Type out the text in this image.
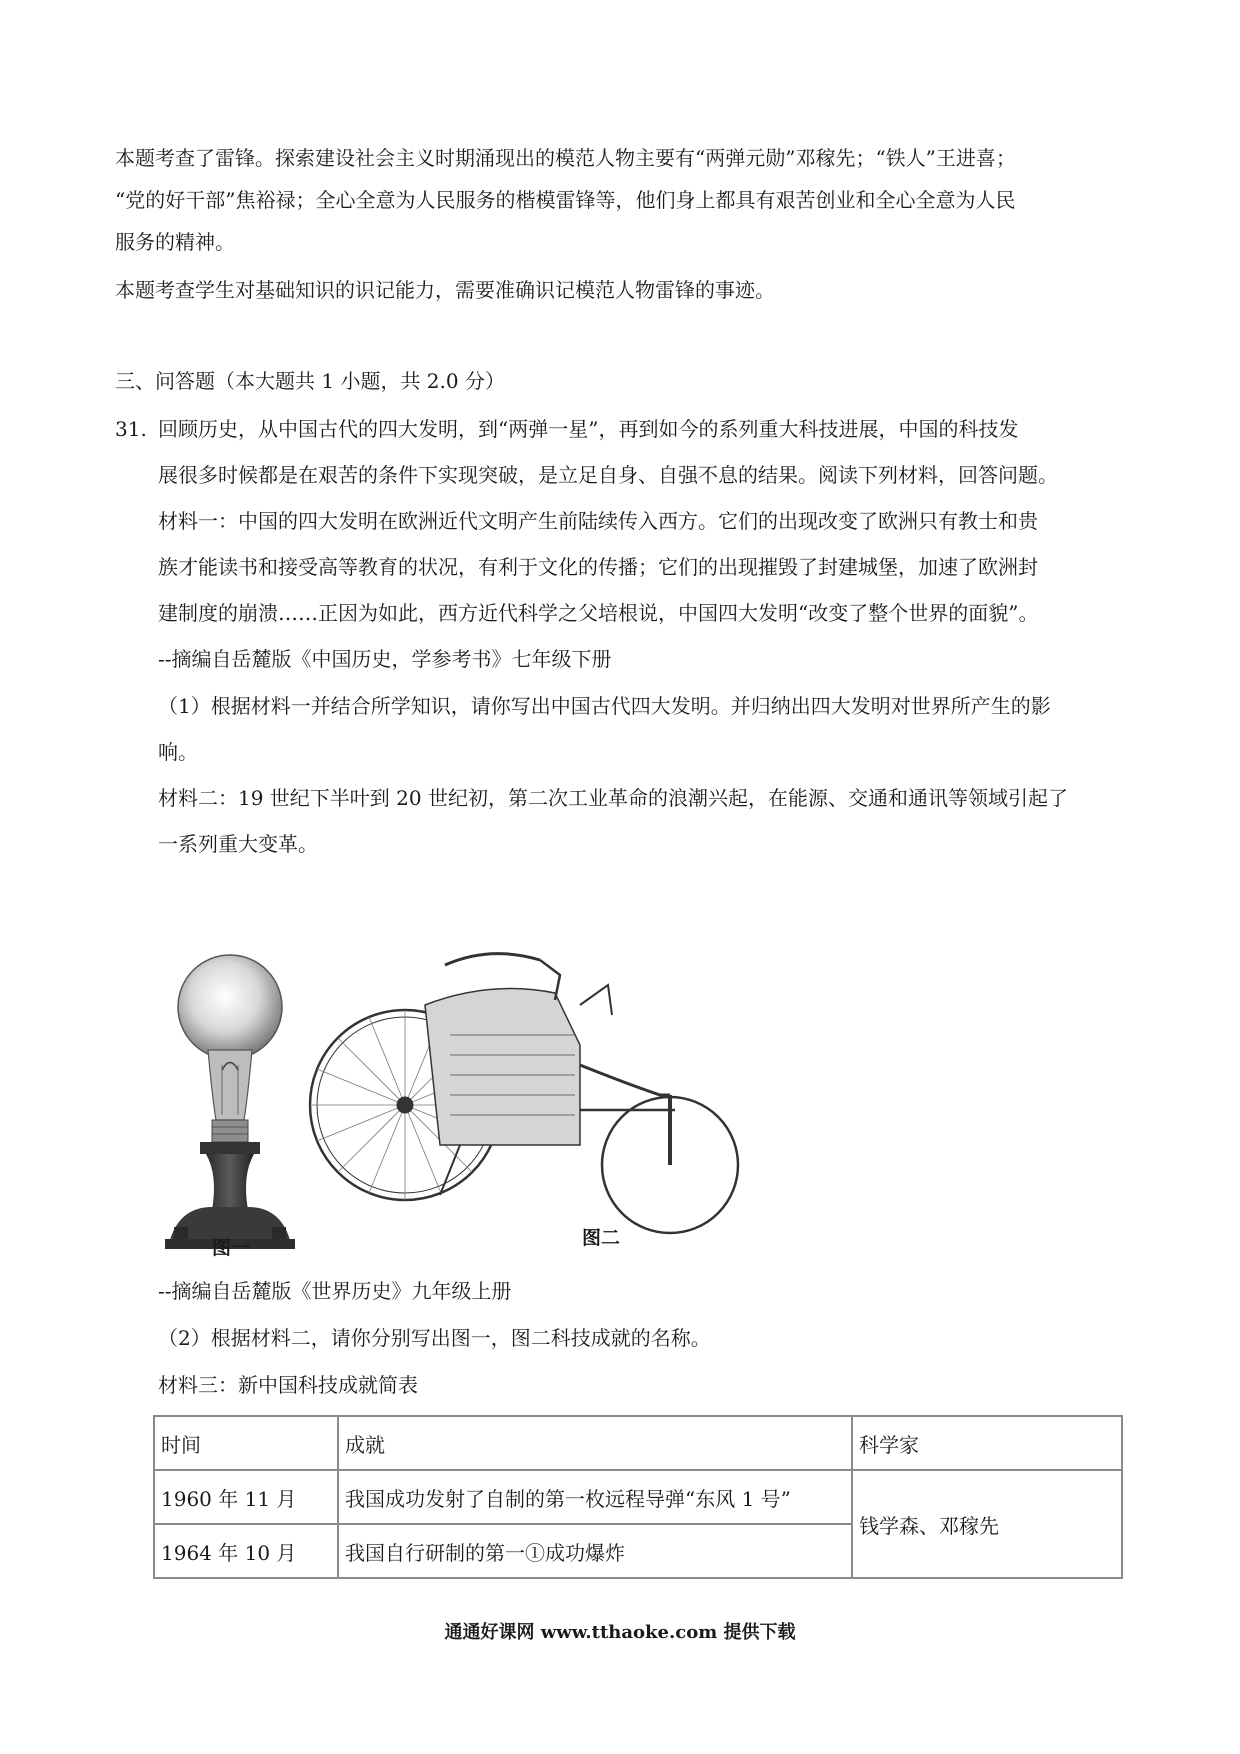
本题考查了雷锋。探索建设社会主义时期涌现出的模范人物主要有“两弹元勋”邓稼先；“铁人”王进喜；
“党的好干部”焦裕禄；全心全意为人民服务的楷模雷锋等，他们身上都具有艰苦创业和全心全意为人民
服务的精神。
本题考查学生对基础知识的识记能力，需要准确识记模范人物雷锋的事迹。
三、问答题（本大题共 1 小题，共 2.0 分）
31. 回顾历史，从中国古代的四大发明，到“两弹一星”，再到如今的系列重大科技进展，中国的科技发
展很多时候都是在艰苦的条件下实现突破，是立足自身、自强不息的结果。阅读下列材料，回答问题。
材料一：中国的四大发明在欧洲近代文明产生前陆续传入西方。它们的出现改变了欧洲只有教士和贵
族才能读书和接受高等教育的状况，有利于文化的传播；它们的出现摧毁了封建城堡，加速了欧洲封
建制度的崩溃……正因为如此，西方近代科学之父培根说，中国四大发明“改变了整个世界的面貌”。
--摘编自岳麓版《中国历史，学参考书》七年级下册
（1）根据材料一并结合所学知识，请你写出中国古代四大发明。并归纳出四大发明对世界所产生的影
响。
材料二：19 世纪下半叶到 20 世纪初，第二次工业革命的浪潮兴起，在能源、交通和通讯等领域引起了
一系列重大变革。
图一	图二
--摘编自岳麓版《世界历史》九年级上册
（2）根据材料二，请你分别写出图一，图二科技成就的名称。
材料三：新中国科技成就简表
时间	成就	科学家
1960 年 11 月	我国成功发射了自制的第一枚远程导弹“东风 1 号”	钱学森、邓稼先
1964 年 10 月	我国自行研制的第一①成功爆炸	
通通好课网 www.tthaoke.com 提供下载
